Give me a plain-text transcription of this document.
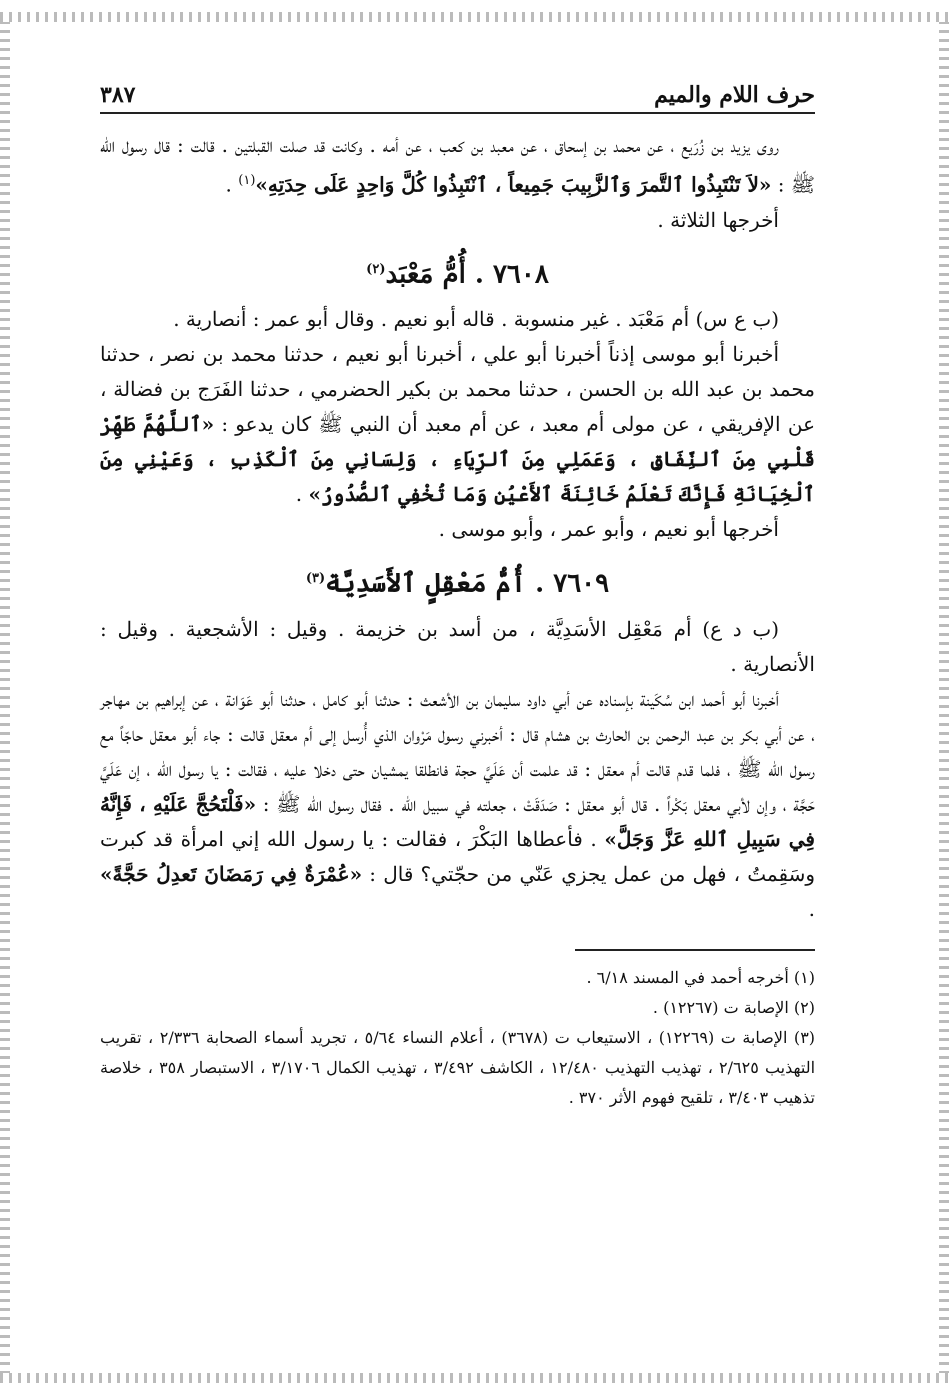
حرف اللام والميم
٣٨٧

روى يزيد بن زُرَيع ، عن محمد بن إسحاق ، عن معبد بن كعب ، عن أمه . وكانت قد صلت القبلتين . قالت : قال رسول الله ﷺ : «لاَ تَنْتَبِذُوا ٱلتَّمرَ وَٱلزَّبِيبَ جَمِيعاً ، ٱنْتَبِذُوا كُلَّ وَاحِدٍ عَلَى حِدَتِهِ»$^{(١)}$ .

أخرجها الثلاثة .

٧٦٠٨ . أُمُّ مَعْبَد$^{(٢)}$

(ب ع س) أم مَعْبَد . غير منسوبة . قاله أبو نعيم . وقال أبو عمر : أنصارية .

أخبرنا أبو موسى إذناً أخبرنا أبو علي ، أخبرنا أبو نعيم ، حدثنا محمد بن نصر ، حدثنا محمد بن عبد الله بن الحسن ، حدثنا محمد بن بكير الحضرمي ، حدثنا الفَرَج بن فضالة ، عن الإفريقي ، عن مولى أم معبد ، عن أم معبد أن النبي ﷺ كان يدعو : «ٱللَّهُمَّ طَهِّرْ قَلْبِي مِنَ ٱلنِّفَاقِ ، وَعَمَلِي مِنَ ٱلرِّيَاءِ ، وَلِسَانِي مِنَ ٱلْكَذِبِ ، وَعَيْنِي مِنَ ٱلْخِيَانَةِ فَإِنَّكَ تَعْلَمُ خَائِنَةَ ٱلأَعْيُنِ وَمَا تُخْفِي ٱلصُّدُورُ» .

أخرجها أبو نعيم ، وأبو عمر ، وأبو موسى .

٧٦٠٩ . أُمُّ مَعْقِلٍ ٱلأَسَدِيَّة$^{(٣)}$

(ب د ع) أم مَعْقِل الأسَدِيَّة ، من أسد بن خزيمة . وقيل : الأشجعية . وقيل : الأنصارية .

أخبرنا أبو أحمد ابن سُكَينة بإسناده عن أبي داود سليمان بن الأشعث : حدثنا أبو كامل ، حدثنا أبو عَوَانة ، عن إبراهيم بن مهاجر ، عن أبي بكر بن عبد الرحمن بن الحارث بن هشام قال : أخبرني رسول مَرْوان الذي أُرسل إلى أم معقل قالت : جاء أبو معقل حاجّاً مع رسول الله ﷺ ، فلما قدم قالت أم معقل : قد علمت أن عَلَيَّ حجة فانطلقا يمشيان حتى دخلا عليه ، فقالت : يا رسول الله ، إن عَلَيَّ حَجَّة ، وإن لأبي معقل بَكْراً . قال أبو معقل : صَدَقَتْ ، جعلته في سبيل الله . فقال رسول الله ﷺ : «فَلْتَحُجَّ عَلَيْهِ ، فَإِنَّهُ فِي سَبِيلِ ٱللهِ عَزَّ وَجَلَّ» . فأعطاها البَكْرَ ، فقالت : يا رسول الله إني امرأة قد كبرت وسَقِمتُ ، فهل من عمل يجزي عَنّي من حجّتي؟ قال : «عُمْرَةٌ فِي رَمَضَانَ تَعدِلُ حَجَّةً» .

(١) أخرجه أحمد في المسند ٦/١٨ .

(٢) الإصابة ت (١٢٢٦٧) .

(٣) الإصابة ت (١٢٢٦٩) ، الاستيعاب ت (٣٦٧٨) ، أعلام النساء ٥/٦٤ ، تجريد أسماء الصحابة ٢/٣٣٦ ، تقريب التهذيب ٢/٦٢٥ ، تهذيب التهذيب ١٢/٤٨٠ ، الكاشف ٣/٤٩٢ ، تهذيب الكمال ٣/١٧٠٦ ، الاستبصار ٣٥٨ ، خلاصة تذهيب ٣/٤٠٣ ، تلقيح فهوم الأثر ٣٧٠ .
